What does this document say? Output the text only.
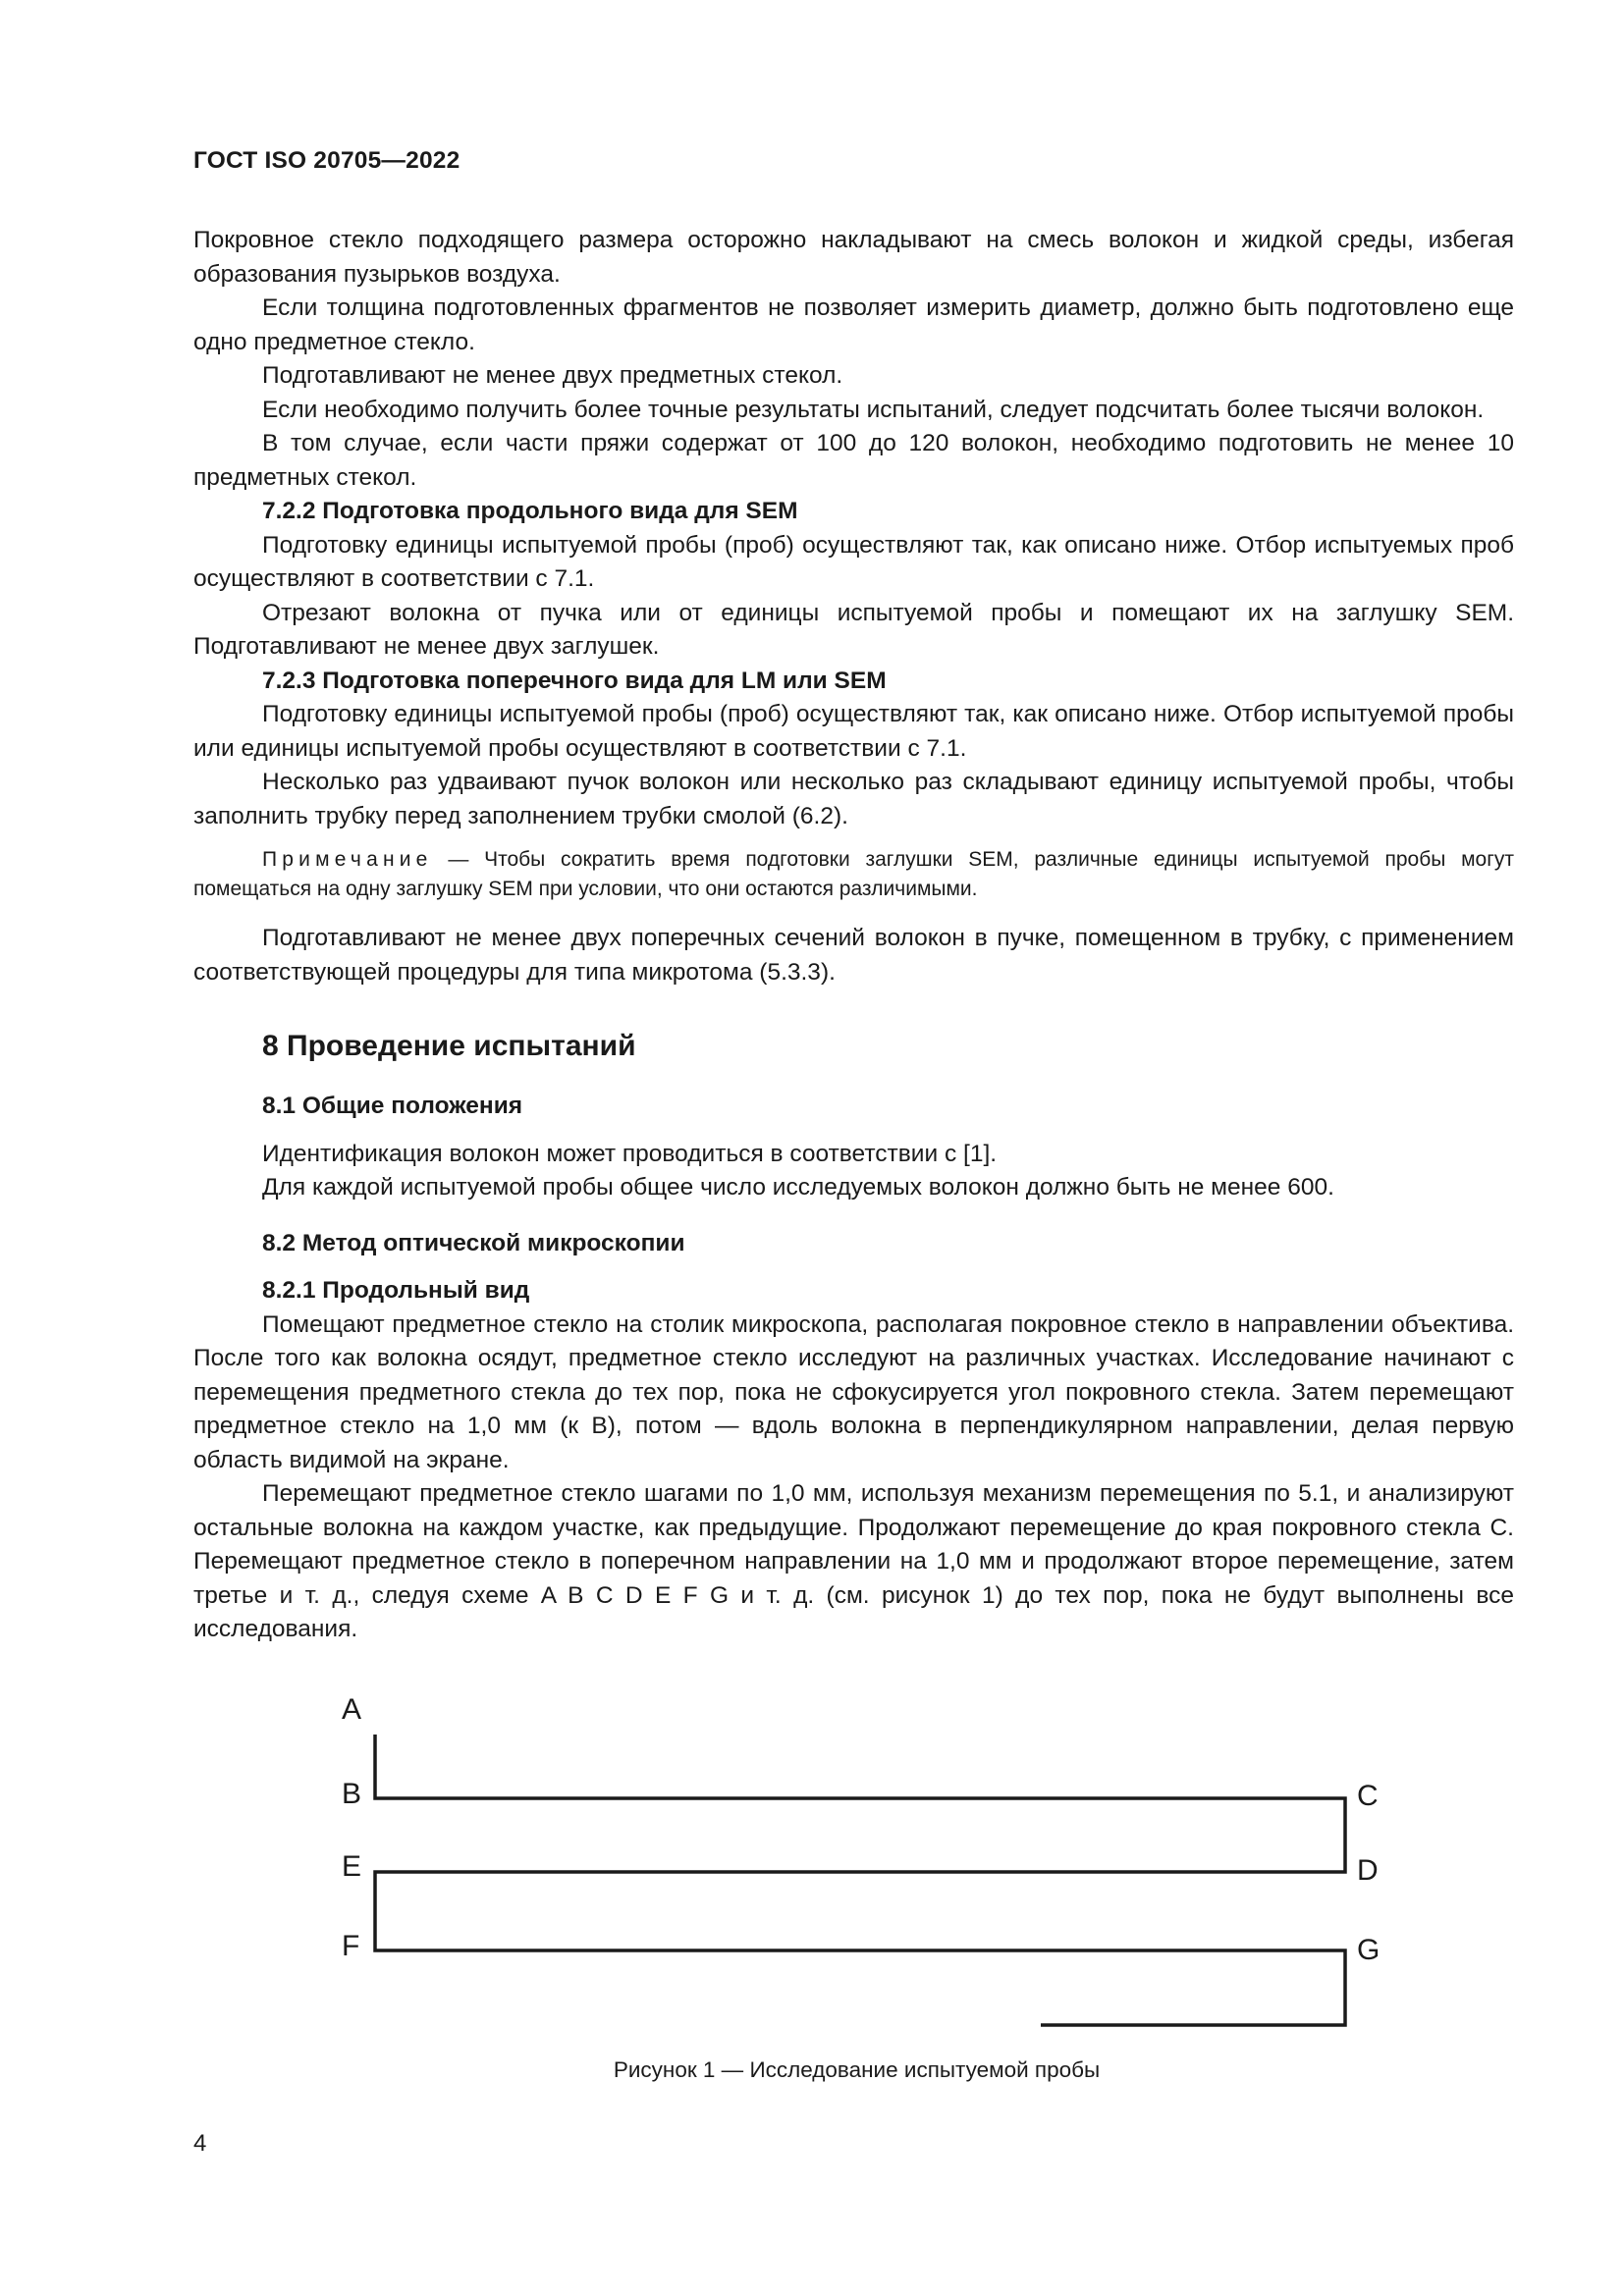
ГОСТ ISO 20705—2022

Покровное стекло подходящего размера осторожно накладывают на смесь волокон и жидкой среды, избегая образования пузырьков воздуха.

Если толщина подготовленных фрагментов не позволяет измерить диаметр, должно быть подготовлено еще одно предметное стекло.

Подготавливают не менее двух предметных стекол.

Если необходимо получить более точные результаты испытаний, следует подсчитать более тысячи волокон.

В том случае, если части пряжи содержат от 100 до 120 волокон, необходимо подготовить не менее 10 предметных стекол.

7.2.2 Подготовка продольного вида для SEM

Подготовку единицы испытуемой пробы (проб) осуществляют так, как описано ниже. Отбор испытуемых проб осуществляют в соответствии с 7.1.

Отрезают волокна от пучка или от единицы испытуемой пробы и помещают их на заглушку SEM. Подготавливают не менее двух заглушек.

7.2.3 Подготовка поперечного вида для LM или SEM

Подготовку единицы испытуемой пробы (проб) осуществляют так, как описано ниже. Отбор испытуемой пробы или единицы испытуемой пробы осуществляют в соответствии с 7.1.

Несколько раз удваивают пучок волокон или несколько раз складывают единицу испытуемой пробы, чтобы заполнить трубку перед заполнением трубки смолой (6.2).

Примечание — Чтобы сократить время подготовки заглушки SEM, различные единицы испытуемой пробы могут помещаться на одну заглушку SEM при условии, что они остаются различимыми.

Подготавливают не менее двух поперечных сечений волокон в пучке, помещенном в трубку, с применением соответствующей процедуры для типа микротома (5.3.3).

8 Проведение испытаний

8.1 Общие положения

Идентификация волокон может проводиться в соответствии с [1].

Для каждой испытуемой пробы общее число исследуемых волокон должно быть не менее 600.

8.2 Метод оптической микроскопии

8.2.1 Продольный вид

Помещают предметное стекло на столик микроскопа, располагая покровное стекло в направлении объектива. После того как волокна осядут, предметное стекло исследуют на различных участках. Исследование начинают с перемещения предметного стекла до тех пор, пока не сфокусируется угол покровного стекла. Затем перемещают предметное стекло на 1,0 мм (к B), потом — вдоль волокна в перпендикулярном направлении, делая первую область видимой на экране.

Перемещают предметное стекло шагами по 1,0 мм, используя механизм перемещения по 5.1, и анализируют остальные волокна на каждом участке, как предыдущие. Продолжают перемещение до края покровного стекла C. Перемещают предметное стекло в поперечном направлении на 1,0 мм и продолжают второе перемещение, затем третье и т. д., следуя схеме A B C D E F G и т. д. (см. рисунок 1) до тех пор, пока не будут выполнены все исследования.

A
B	C
D
E
F	G
Рисунок 1 — Исследование испытуемой пробы
4
